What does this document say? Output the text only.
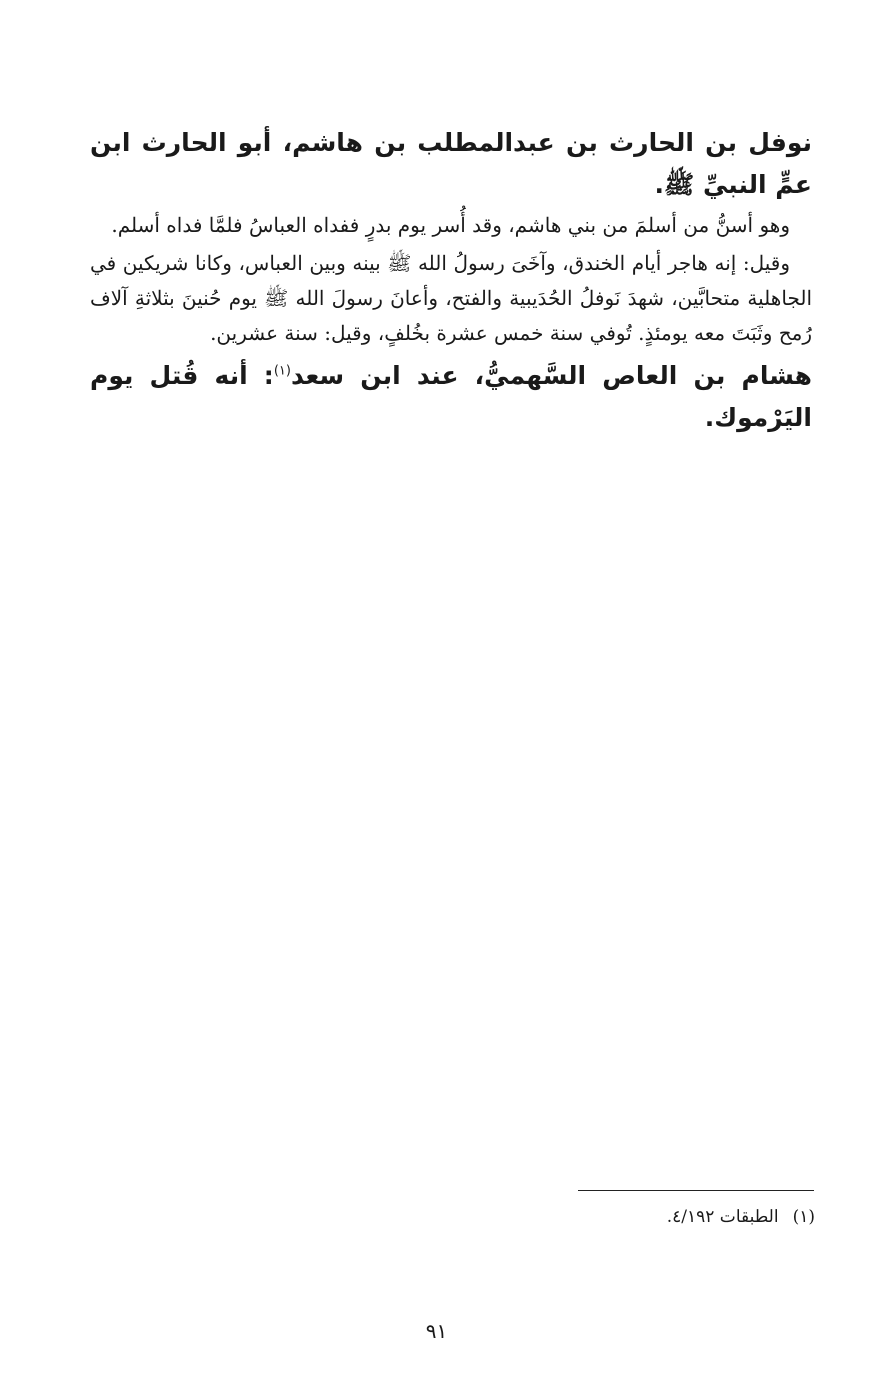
نوفل بن الحارث بن عبدالمطلب بن هاشم، أبو الحارث ابن عمٍّ النبيِّ ﷺ.

وهو أسنُّ من أسلمَ من بني هاشم، وقد أُسر يوم بدرٍ ففداه العباسُ فلمَّا فداه أسلم.

وقيل: إنه هاجر أيام الخندق، وآخَىَ رسولُ الله ﷺ بينه وبين العباس، وكانا شريكين في الجاهلية متحابَّين، شهدَ نَوفلُ الحُدَيبية والفتح، وأعانَ رسولَ الله ﷺ يوم حُنينَ بثلاثةِ آلاف رُمح وثَبَتَ معه يومئذٍ. تُوفي سنة خمس عشرة بخُلفٍ، وقيل: سنة عشرين.

هشام بن العاص السَّهميُّ، عند ابن سعد$^{(١)}$: أنه قُتل يوم اليَرْموك.

(١)الطبقات ٤/١٩٢.
٩١
